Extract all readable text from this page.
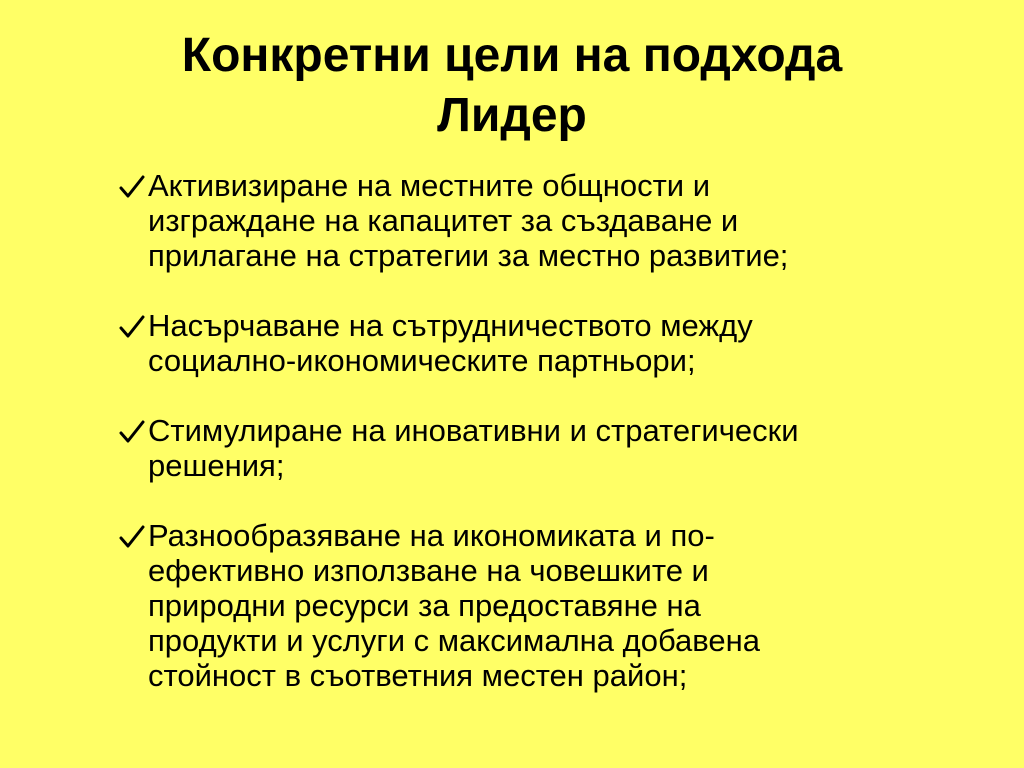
Конкретни цели на подхода
Лидер
Активизиране на местните общности и
изграждане на капацитет за създаване и
прилагане на стратегии за местно развитие;
Насърчаване на сътрудничеството между
социално-икономическите партньори;
Стимулиране на иновативни и стратегически
решения;
Разнообразяване на икономиката и по-
ефективно използване на човешките и
природни ресурси за предоставяне на
продукти и услуги с максимална добавена
стойност в съответния местен район;
